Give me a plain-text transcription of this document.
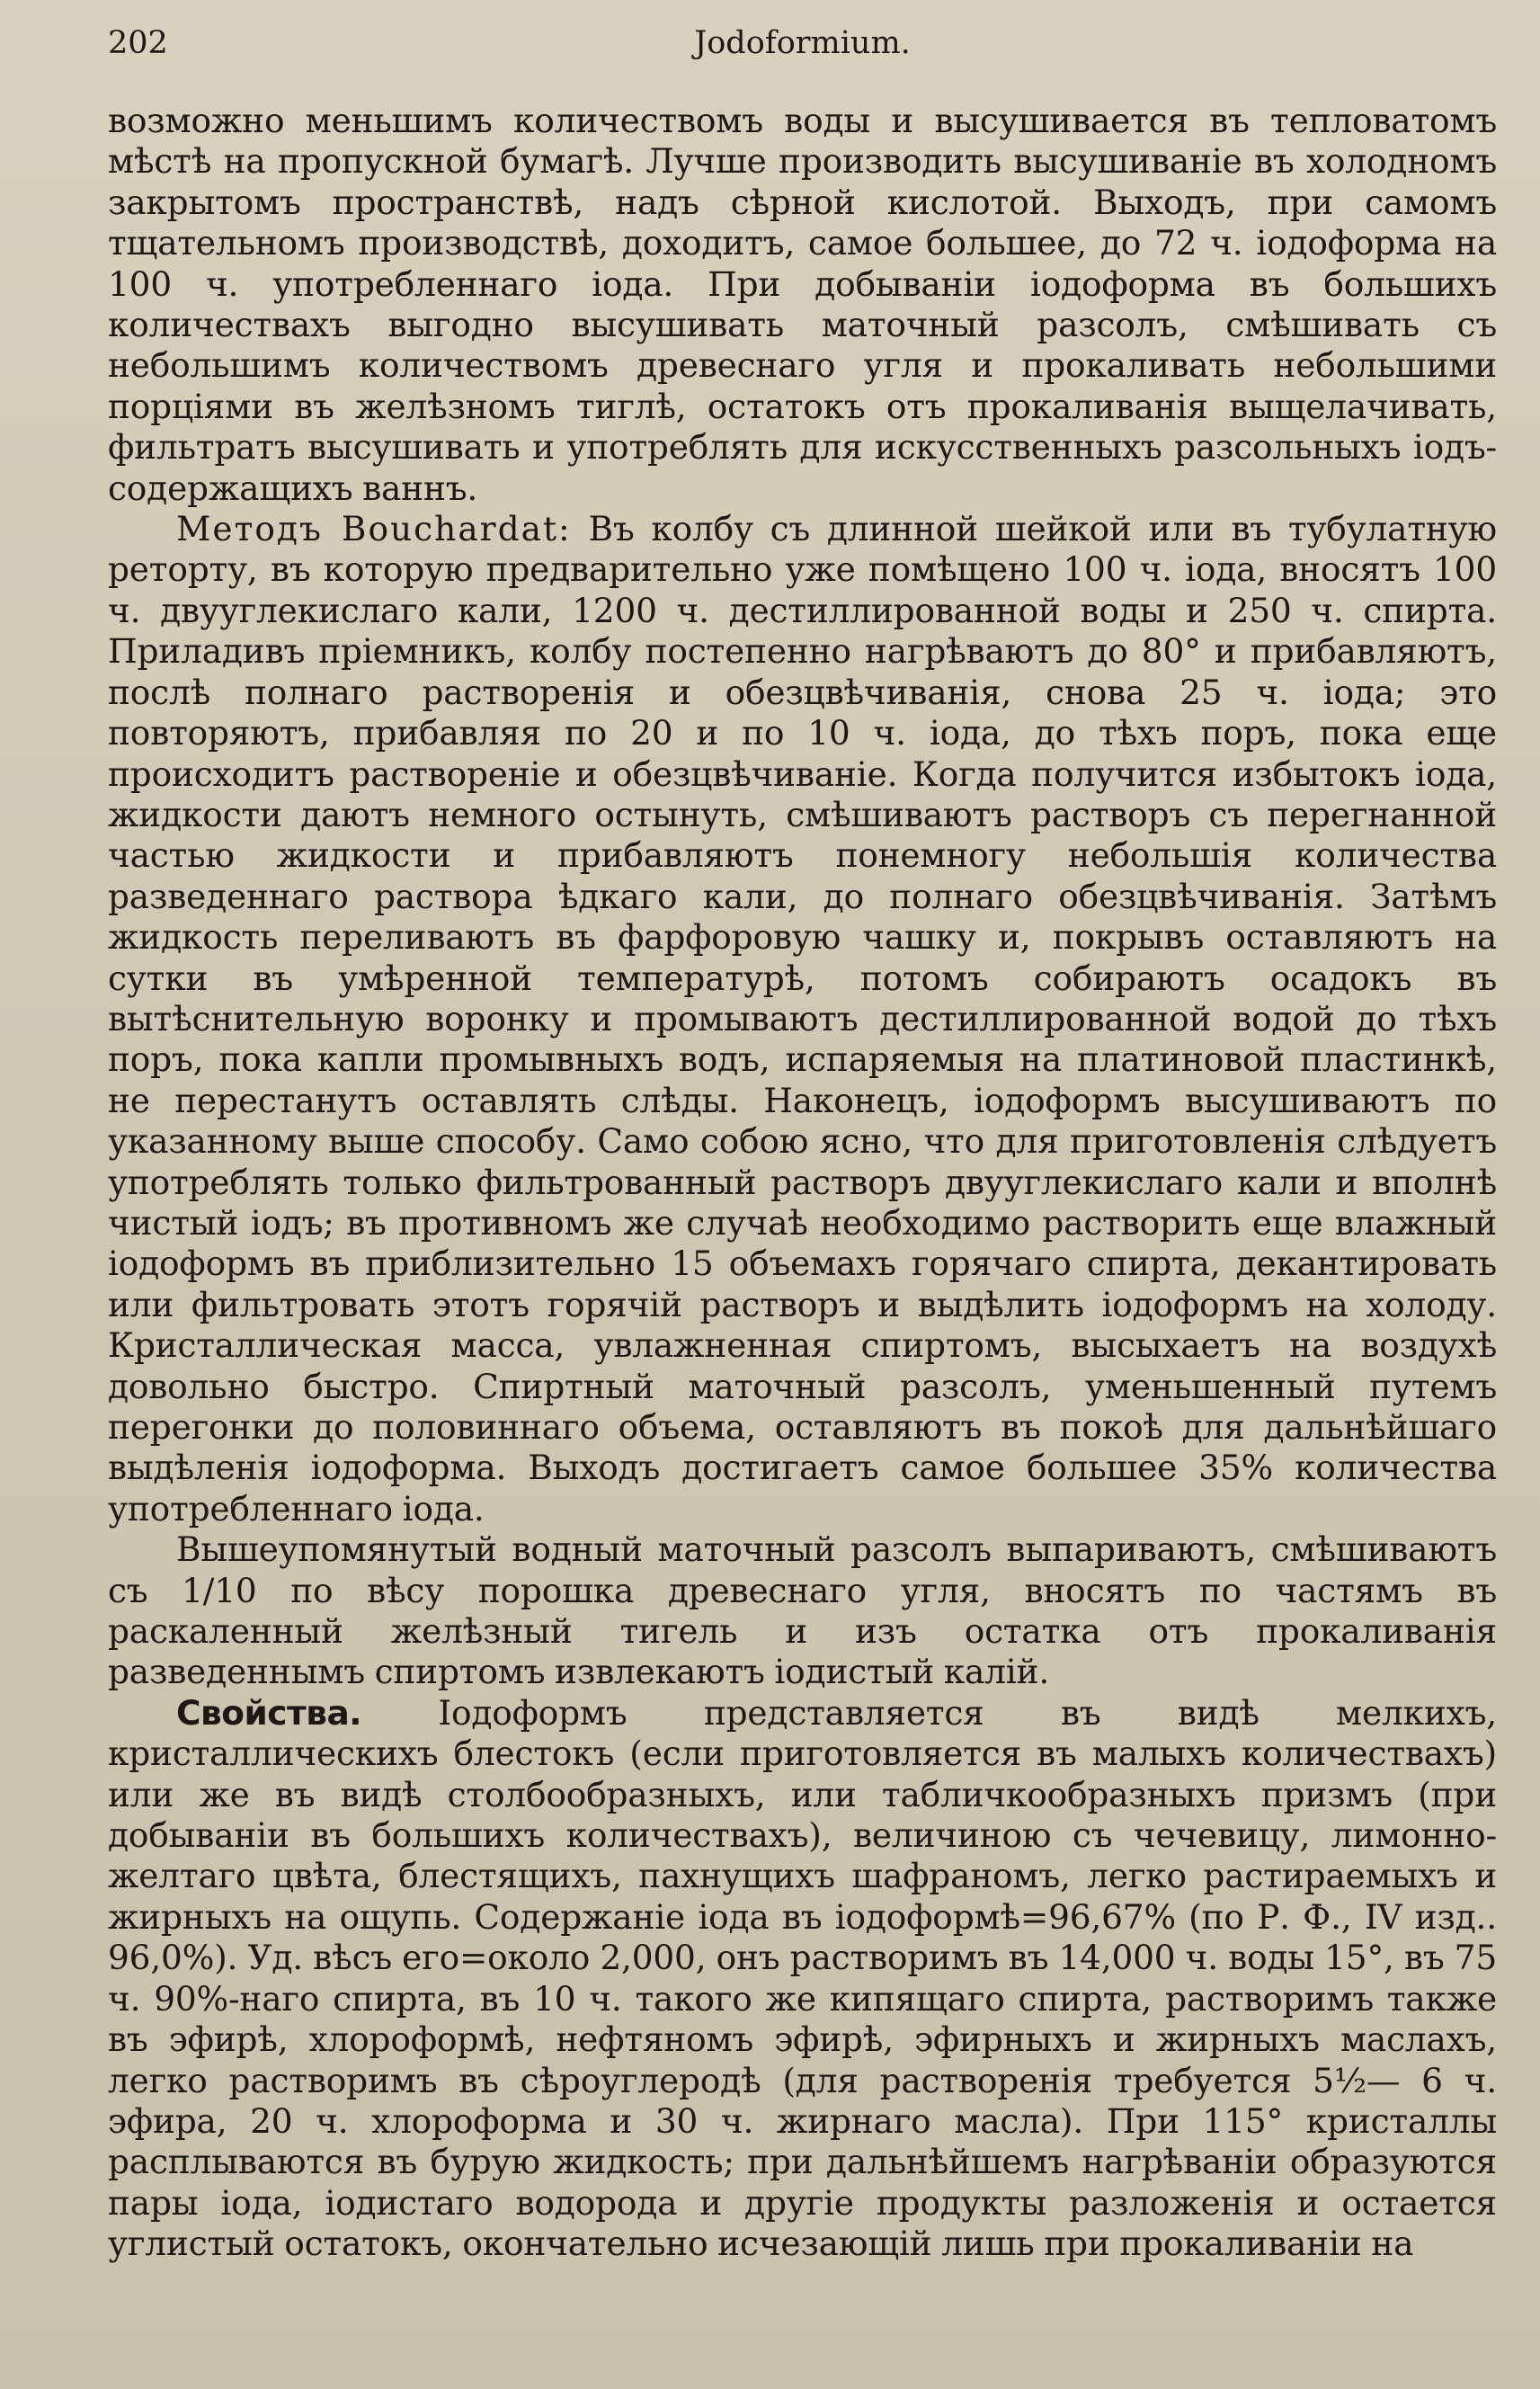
202	Jodoformium.

возможно меньшимъ количествомъ воды и высушивается въ тепловатомъ мѣстѣ на пропускной бумагѣ. Лучше производить высушиваніе въ холодномъ закрытомъ пространствѣ, надъ сѣрной кислотой. Выходъ, при самомъ тщательномъ производствѣ, доходитъ, самое большее, до 72 ч. іодоформа на 100 ч. употребленнаго іода. При добываніи іодоформа въ большихъ количествахъ выгодно высушивать маточный разсолъ, смѣшивать съ небольшимъ количествомъ древеснаго угля и прокаливать небольшими порціями въ желѣзномъ тиглѣ, остатокъ отъ прокаливанія выщелачивать, фильтратъ высушивать и употреблять для искусственныхъ разсольныхъ іодъ-содержащихъ ваннъ.

Методъ Bouchardat: Въ колбу съ длинной шейкой или въ тубулатную реторту, въ которую предварительно уже помѣщено 100 ч. іода, вносятъ 100 ч. двууглекислаго кали, 1200 ч. дестиллированной воды и 250 ч. спирта. Приладивъ пріемникъ, колбу постепенно нагрѣваютъ до 80° и прибавляютъ, послѣ полнаго растворенія и обезцвѣчиванія, снова 25 ч. іода; это повторяютъ, прибавляя по 20 и по 10 ч. іода, до тѣхъ поръ, пока еще происходитъ раствореніе и обезцвѣчиваніе. Когда получится избытокъ іода, жидкости даютъ немного остынуть, смѣшиваютъ растворъ съ перегнанной частью жидкости и прибавляютъ понемногу небольшія количества разведеннаго раствора ѣдкаго кали, до полнаго обезцвѣчиванія. Затѣмъ жидкость переливаютъ въ фарфоровую чашку и, покрывъ оставляютъ на сутки въ умѣренной температурѣ, потомъ собираютъ осадокъ въ вытѣснительную воронку и промываютъ дестиллированной водой до тѣхъ поръ, пока капли промывныхъ водъ, испаряемыя на платиновой пластинкѣ, не перестанутъ оставлять слѣды. Наконецъ, іодоформъ высушиваютъ по указанному выше способу. Само собою ясно, что для приготовленія слѣдуетъ употреблять только фильтрованный растворъ двууглекислаго кали и вполнѣ чистый іодъ; въ противномъ же случаѣ необходимо растворить еще влажный іодоформъ въ приблизительно 15 объемахъ горячаго спирта, декантировать или фильтровать этотъ горячій растворъ и выдѣлить іодоформъ на холоду. Кристаллическая масса, увлажненная спиртомъ, высыхаетъ на воздухѣ довольно быстро. Спиртный маточный разсолъ, уменьшенный путемъ перегонки до половиннаго объема, оставляютъ въ покоѣ для дальнѣйшаго выдѣленія іодоформа. Выходъ достигаетъ самое большее 35% количества употребленнаго іода.

Вышеупомянутый водный маточный разсолъ выпариваютъ, смѣшиваютъ съ 1/10 по вѣсу порошка древеснаго угля, вносятъ по частямъ въ раскаленный желѣзный тигель и изъ остатка отъ прокаливанія разведеннымъ спиртомъ извлекаютъ іодистый калій.

Свойства. Іодоформъ представляется въ видѣ мелкихъ, кристаллическихъ блестокъ (если приготовляется въ малыхъ количествахъ) или же въ видѣ столбообразныхъ, или табличкообразныхъ призмъ (при добываніи въ большихъ количествахъ), величиною съ чечевицу, лимонно-желтаго цвѣта, блестящихъ, пахнущихъ шафраномъ, легко растираемыхъ и жирныхъ на ощупь. Содержаніе іода въ іодоформѣ=96,67% (по Р. Ф., IV изд.. 96,0%). Уд. вѣсъ его=около 2,000, онъ растворимъ въ 14,000 ч. воды 15°, въ 75 ч. 90%-наго спирта, въ 10 ч. такого же кипящаго спирта, растворимъ также въ эфирѣ, хлороформѣ, нефтяномъ эфирѣ, эфирныхъ и жирныхъ маслахъ, легко растворимъ въ сѣроуглеродѣ (для растворенія требуется 5½— 6 ч. эфира, 20 ч. хлороформа и 30 ч. жирнаго масла). При 115° кристаллы расплываются въ бурую жидкость; при дальнѣйшемъ нагрѣваніи образуются пары іода, іодистаго водорода и другіе продукты разложенія и остается углистый остатокъ, окончательно исчезающій лишь при прокаливаніи на
